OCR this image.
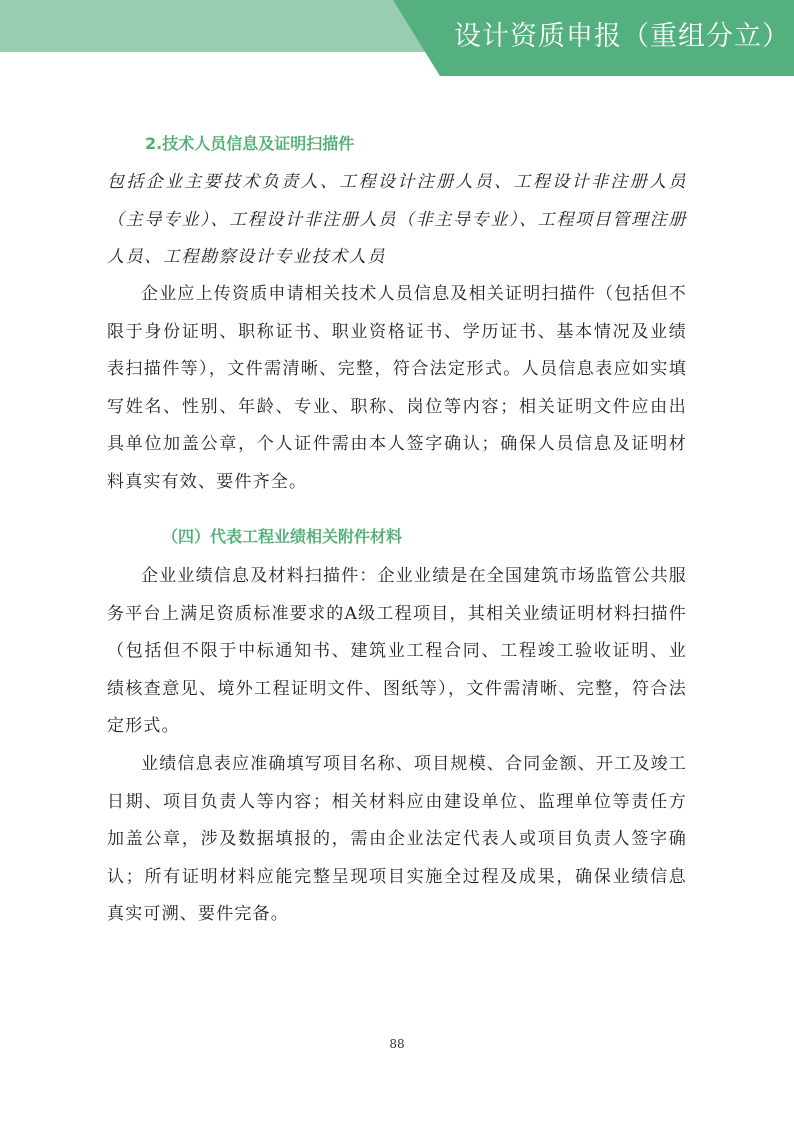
设计资质申报（重组分立）
2.技术人员信息及证明扫描件
包括企业主要技术负责人、工程设计注册人员、工程设计非注册人员（主导专业）、工程设计非注册人员（非主导专业）、工程项目管理注册人员、工程勘察设计专业技术人员
企业应上传资质申请相关技术人员信息及相关证明扫描件（包括但不限于身份证明、职称证书、职业资格证书、学历证书、基本情况及业绩表扫描件等），文件需清晰、完整，符合法定形式。人员信息表应如实填写姓名、性别、年龄、专业、职称、岗位等内容；相关证明文件应由出具单位加盖公章，个人证件需由本人签字确认；确保人员信息及证明材料真实有效、要件齐全。
（四）代表工程业绩相关附件材料
企业业绩信息及材料扫描件：企业业绩是在全国建筑市场监管公共服务平台上满足资质标准要求的A级工程项目，其相关业绩证明材料扫描件（包括但不限于中标通知书、建筑业工程合同、工程竣工验收证明、业绩核查意见、境外工程证明文件、图纸等），文件需清晰、完整，符合法定形式。
业绩信息表应准确填写项目名称、项目规模、合同金额、开工及竣工日期、项目负责人等内容；相关材料应由建设单位、监理单位等责任方加盖公章，涉及数据填报的，需由企业法定代表人或项目负责人签字确认；所有证明材料应能完整呈现项目实施全过程及成果，确保业绩信息真实可溯、要件完备。
88
